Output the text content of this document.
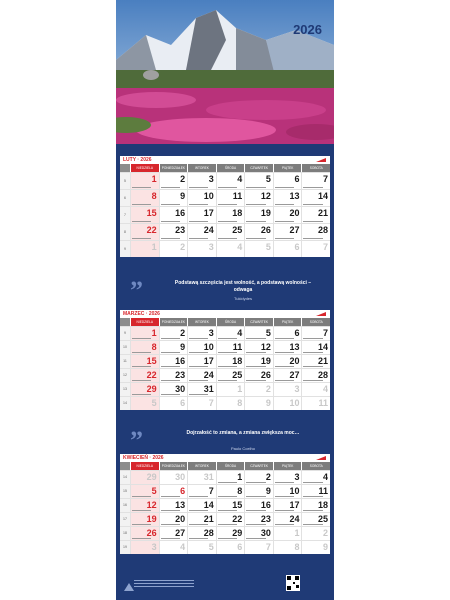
2026
LUTY · 2026
NIEDZIELA	PONIEDZIAŁEK	WTOREK	ŚRODA	CZWARTEK	PIĄTEK	SOBOTA
5	1	2	3	4	5	6	7
6	8	9 10 11 12 13 14
7	15 16 17 18 19 20 21
8	22 23 24 25 26 27 28
9	1	2	3	4	5	6	7
MARZEC · 2026
NIEDZIELA	PONIEDZIAŁEK	WTOREK	ŚRODA	CZWARTEK	PIĄTEK	SOBOTA
9	1	2	3	4	5	6	7
10	8	9 10 11 12 13 14
11	15 16 17 18 19 20 21
12	22 23 24 25 26 27 28
13	29 30 31	1	2	3	4
14	5	6	7	8	9 10 11
KWIECIEŃ · 2026
NIEDZIELA	PONIEDZIAŁEK	WTOREK	ŚRODA	CZWARTEK	PIĄTEK	SOBOTA
14	29 30 31	1	2	3	4
15	5	6	7	8	9 10 11
16	12 13 14 15 16 17 18
17	19 20 21 22 23 24 25
18	26 27 28 29 30	1	2
19	3	4	5	6	7	8	9
”	Podstawą szczęścia jest wolność, a podstawą wolności – odwaga
Tukidydes
”	Dojrzałość to zmiana, a zmiana zwiększa moc…
Paulo Coelho
